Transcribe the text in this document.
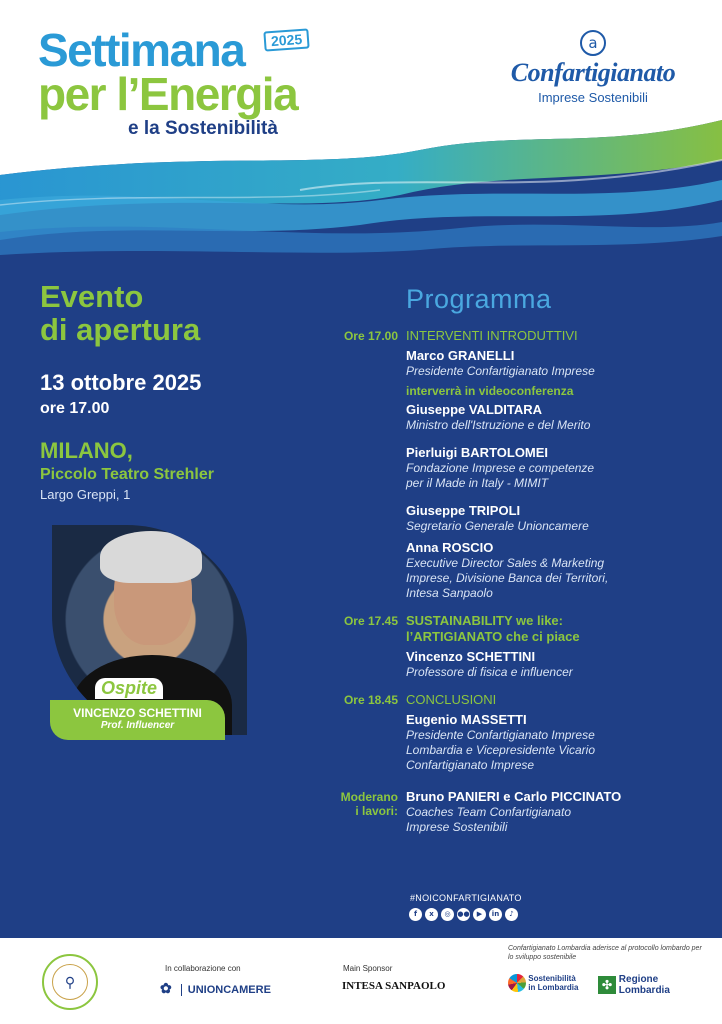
Settimana	2025
per l’Energia
e la Sostenibilità
a
Confartigianato
Imprese Sostenibili
Evento
di apertura
13 ottobre 2025
ore 17.00
MILANO,
Piccolo Teatro Strehler
Largo Greppi, 1
Ospite
VINCENZO SCHETTINI
Prof. Influencer
Programma
Ore 17.00 INTERVENTI INTRODUTTIVI
Marco GRANELLI
Presidente Confartigianato Imprese
interverrà in videoconferenza
Giuseppe VALDITARA
Ministro dell'Istruzione e del Merito
Pierluigi BARTOLOMEI
Fondazione Imprese e competenze
per il Made in Italy - MIMIT
Giuseppe TRIPOLI
Segretario Generale Unioncamere
Anna ROSCIO
Executive Director Sales & Marketing
Imprese, Divisione Banca dei Territori,
Intesa Sanpaolo
Ore 17.45 SUSTAINABILITY we like:
l’ARTIGIANATO che ci piace
Vincenzo SCHETTINI
Professore di fisica e influencer
Ore 18.45 CONCLUSIONI
Eugenio MASSETTI
Presidente Confartigianato Imprese
Lombardia e Vicepresidente Vicario
Confartigianato Imprese
Moderano
i lavori:
Bruno PANIERI e Carlo PICCINATO
Coaches Team Confartigianato
Imprese Sostenibili
#NOICONFARTIGIANATO
f	x	◎ ●●	▶	in	♪
⚲
In collaborazione con
✿ UNIONCAMERE
Main Sponsor
INTESA SANPAOLO
Confartigianato Lombardia aderisce al protocollo lombardo per lo sviluppo sostenibile
Sostenibilità in Lombardia	✣ Regione Lombardia
